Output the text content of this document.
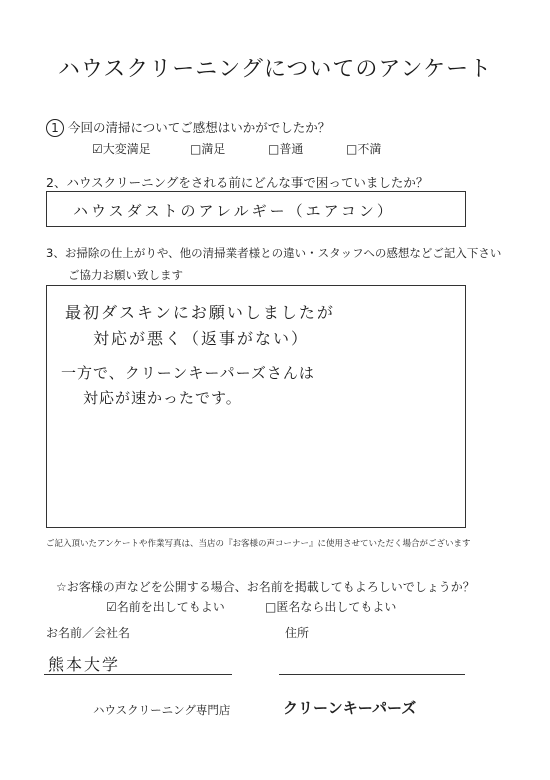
ハウスクリーニングについてのアンケート
1 今回の清掃についてご感想はいかがでしたか？
☑大変満足	□満足	□普通	□不満
2、ハウスクリーニングをされる前にどんな事で困っていましたか？
ハウスダストのアレルギー（エアコン）
3、お掃除の仕上がりや、他の清掃業者様との違い・スタッフへの感想などご記入下さい
ご協力お願い致します
最初ダスキンにお願いしましたが
対応が悪く（返事がない）
一方で、クリーンキーパーズさんは
対応が速かったです。
ご記入頂いたアンケートや作業写真は、当店の『お客様の声コーナー』に使用させていただく場合がございます
☆お客様の声などを公開する場合、お名前を掲載してもよろしいでしょうか？
☑名前を出してもよい	□匿名なら出してもよい
お名前／会社名	住所
熊本大学
ハウスクリーニング専門店	クリーンキーパーズ
